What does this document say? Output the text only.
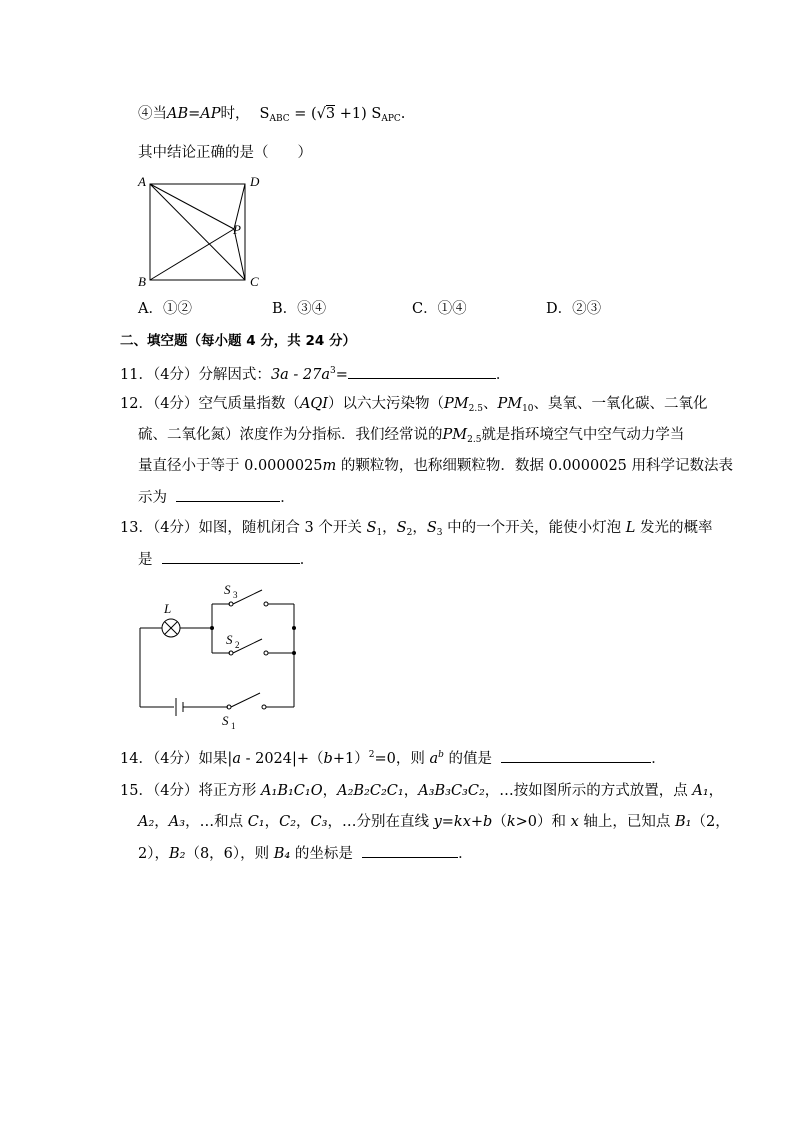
④当AB=AP时， $S_{ABC} = (√3 +1)$ $S_{APC}$.
其中结论正确的是（　　）
A	D
B	C
P
A．①②	B．③④	C．①④	D．②③
二、填空题（每小题 4 分，共 24 分）
11．（4分）分解因式：$3a - 27a^3=$	．
12．（4分）空气质量指数（AQI）以六大污染物（$PM_{2.5}$、$PM_{10}$、臭氧、一氧化碳、二氧化
硫、二氧化氮）浓度作为分指标．我们经常说的$PM_{2.5}$就是指环境空气中空气动力学当
量直径小于等于 0.0000025m 的颗粒物，也称细颗粒物．数据 0.0000025 用科学记数法表
示为	．
13．（4分）如图，随机闭合 3 个开关 $S_1$，$S_2$，$S_3$ 中的一个开关，能使小灯泡 L 发光的概率
是	．
L
S 3
S 2
S 1
14．（4分）如果$|a - 2024|+(b+1)^2=0$，则 $a^b$ 的值是	．
15．（4分）将正方形 A₁B₁C₁O，A₂B₂C₂C₁，A₃B₃C₃C₂，…按如图所示的方式放置，点 A₁，
A₂，A₃，…和点 C₁，C₂，C₃，…分别在直线 y=kx+b（k>0）和 x 轴上，已知点 B₁（2，
2），B₂（8，6），则 B₄ 的坐标是	．
